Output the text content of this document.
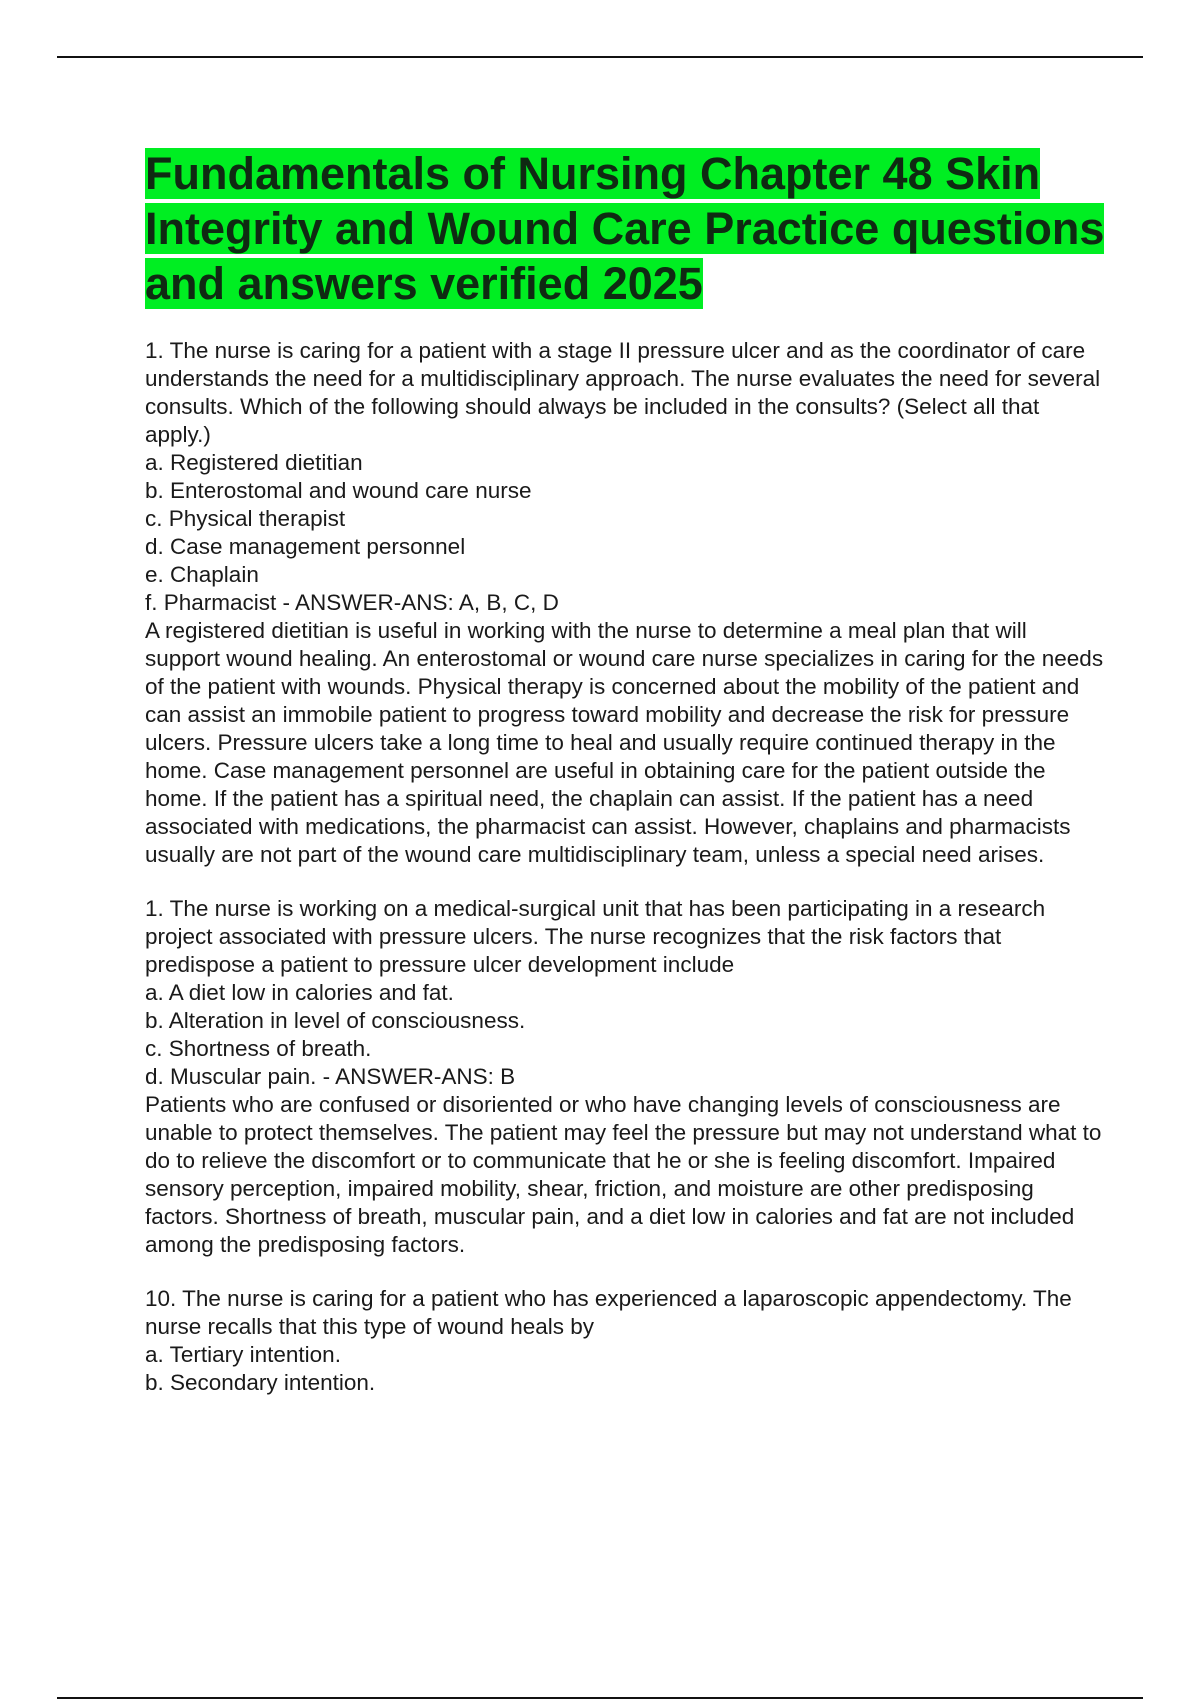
Fundamentals of Nursing Chapter 48 Skin Integrity and Wound Care Practice questions and answers verified 2025
1. The nurse is caring for a patient with a stage II pressure ulcer and as the coordinator of care understands the need for a multidisciplinary approach. The nurse evaluates the need for several consults. Which of the following should always be included in the consults? (Select all that apply.)
a. Registered dietitian
b. Enterostomal and wound care nurse
c. Physical therapist
d. Case management personnel
e. Chaplain
f. Pharmacist - ANSWER-ANS: A, B, C, D
A registered dietitian is useful in working with the nurse to determine a meal plan that will support wound healing. An enterostomal or wound care nurse specializes in caring for the needs of the patient with wounds. Physical therapy is concerned about the mobility of the patient and can assist an immobile patient to progress toward mobility and decrease the risk for pressure ulcers. Pressure ulcers take a long time to heal and usually require continued therapy in the home. Case management personnel are useful in obtaining care for the patient outside the home. If the patient has a spiritual need, the chaplain can assist. If the patient has a need associated with medications, the pharmacist can assist. However, chaplains and pharmacists usually are not part of the wound care multidisciplinary team, unless a special need arises.
1. The nurse is working on a medical-surgical unit that has been participating in a research project associated with pressure ulcers. The nurse recognizes that the risk factors that predispose a patient to pressure ulcer development include
a. A diet low in calories and fat.
b. Alteration in level of consciousness.
c. Shortness of breath.
d. Muscular pain. - ANSWER-ANS: B
Patients who are confused or disoriented or who have changing levels of consciousness are unable to protect themselves. The patient may feel the pressure but may not understand what to do to relieve the discomfort or to communicate that he or she is feeling discomfort. Impaired sensory perception, impaired mobility, shear, friction, and moisture are other predisposing factors. Shortness of breath, muscular pain, and a diet low in calories and fat are not included among the predisposing factors.
10. The nurse is caring for a patient who has experienced a laparoscopic appendectomy. The nurse recalls that this type of wound heals by
a. Tertiary intention.
b. Secondary intention.
